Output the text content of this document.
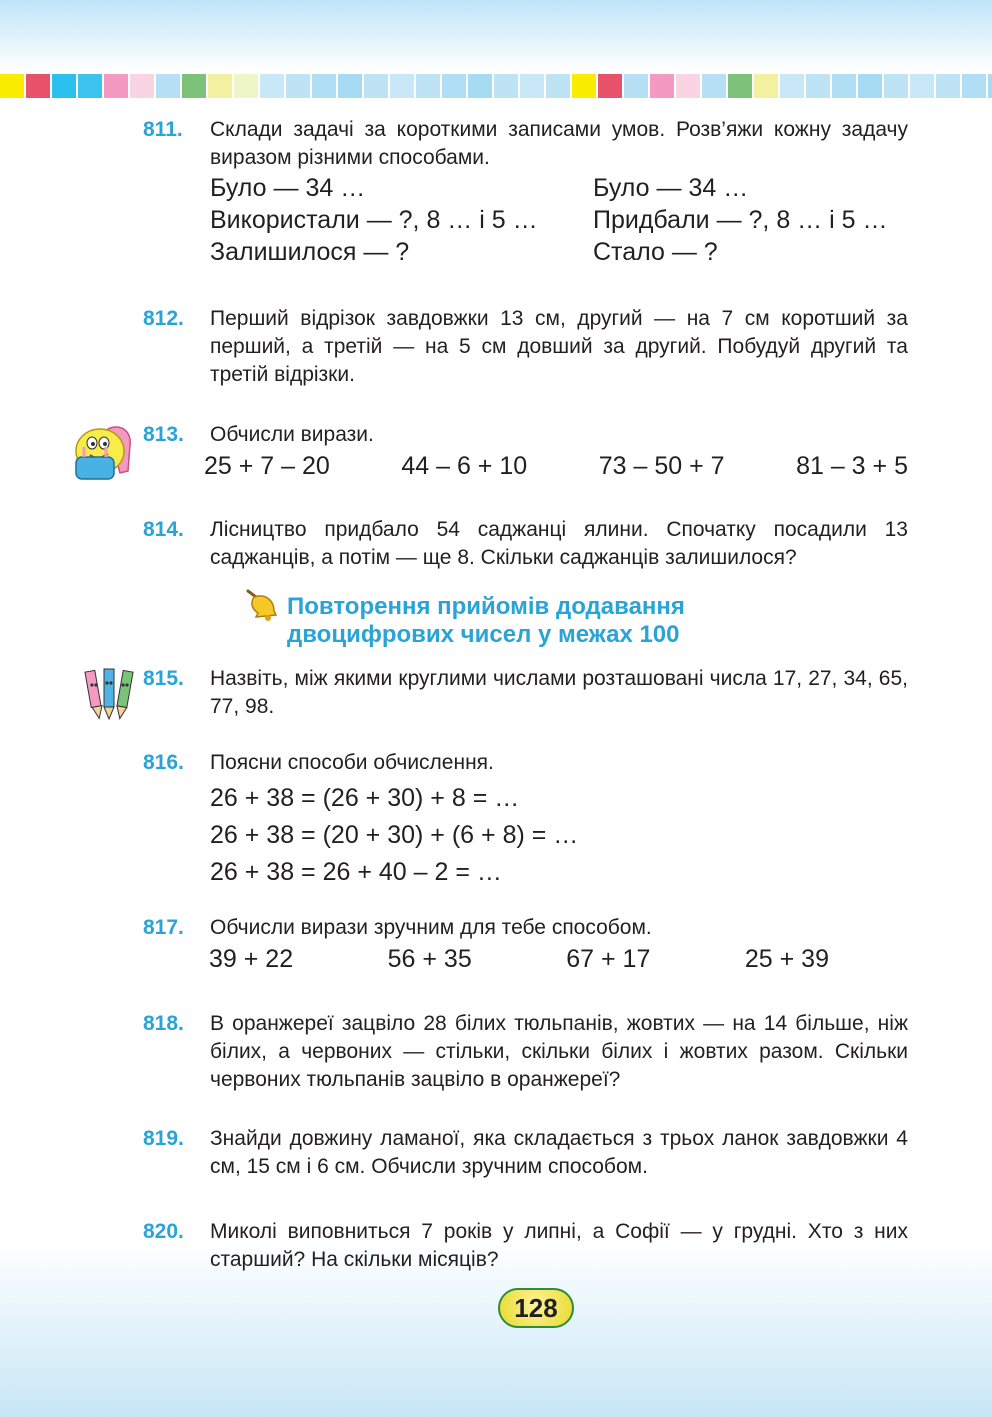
811. Склади задачі за короткими записами умов. Розв’яжи кожну задачу виразом різними способами.
Було — 34 …	Було — 34 …
Використали — ?, 8 … і 5 …	Придбали — ?, 8 … і 5 …
Залишилося — ?	Стало — ?
812. Перший відрізок завдовжки 13 см, другий — на 7 см коротший за перший, а третій — на 5 см довший за другий. Побудуй другий та третій відрізки.
813. Обчисли вирази.
25 + 7 – 20	44 – 6 + 10	73 – 50 + 7	81 – 3 + 5
814. Лісництво придбало 54 саджанці ялини. Спочатку посадили 13 саджанців, а потім — ще 8. Скільки саджанців залишилося?
Повторення прийомів додавання
двоцифрових чисел у межах 100
815. Назвіть, між якими круглими числами розташовані числа 17, 27, 34, 65, 77, 98.
816. Поясни способи обчислення.
26 + 38 = (26 + 30) + 8 = …
26 + 38 = (20 + 30) + (6 + 8) = …
26 + 38 = 26 + 40 – 2 = …
817. Обчисли вирази зручним для тебе способом.
39 + 22	56 + 35	67 + 17	25 + 39
818. В оранжереї зацвіло 28 білих тюльпанів, жовтих — на 14 більше, ніж білих, а червоних — стільки, скільки білих і жовтих разом. Скільки червоних тюльпанів зацвіло в оранжереї?
819. Знайди довжину ламаної, яка складається з трьох ланок завдовжки 4 см, 15 см і 6 см. Обчисли зручним способом.
820. Миколі виповниться 7 років у липні, а Софії — у грудні. Хто з них старший? На скільки місяців?
128
